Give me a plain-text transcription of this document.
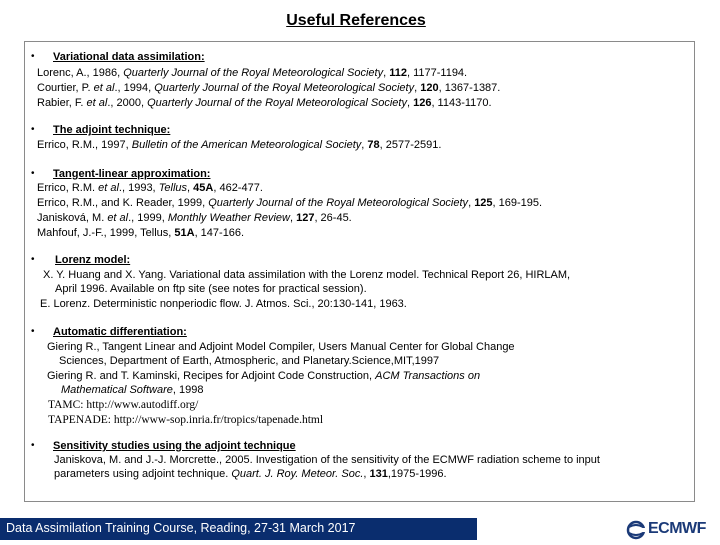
Useful References
• Variational data assimilation:
Lorenc, A., 1986, Quarterly Journal of the Royal Meteorological Society, 112, 1177-1194.
Courtier, P. et al., 1994, Quarterly Journal of the Royal Meteorological Society, 120, 1367-1387.
Rabier, F. et al., 2000, Quarterly Journal of the Royal Meteorological Society, 126, 1143-1170.
• The adjoint technique:
Errico, R.M., 1997, Bulletin of the American Meteorological Society, 78, 2577-2591.
• Tangent-linear approximation:
Errico, R.M. et al., 1993, Tellus, 45A, 462-477.
Errico, R.M., and K. Reader, 1999, Quarterly Journal of the Royal Meteorological Society, 125, 169-195.
Janisková, M. et al., 1999, Monthly Weather Review, 127, 26-45.
Mahfouf, J.-F., 1999, Tellus, 51A, 147-166.
• Lorenz model:
X. Y. Huang and X. Yang. Variational data assimilation with the Lorenz model. Technical Report 26, HIRLAM,
April 1996. Available on ftp site (see notes for practical session).
E. Lorenz. Deterministic nonperiodic flow. J. Atmos. Sci., 20:130-141, 1963.
• Automatic differentiation:
Giering R., Tangent Linear and Adjoint Model Compiler, Users Manual Center for Global Change
Sciences, Department of Earth, Atmospheric, and Planetary.Science,MIT,1997
Giering R. and T. Kaminski, Recipes for Adjoint Code Construction, ACM Transactions on
Mathematical Software, 1998
TAMC: http://www.autodiff.org/
TAPENADE: http://www-sop.inria.fr/tropics/tapenade.html
• Sensitivity studies using the adjoint technique
Janiskova, M. and J.-J. Morcrette., 2005. Investigation of the sensitivity of the ECMWF radiation scheme to input
parameters using adjoint technique. Quart. J. Roy. Meteor. Soc., 131,1975-1996.
Data Assimilation Training Course, Reading, 27-31 March 2017	ECMWF
